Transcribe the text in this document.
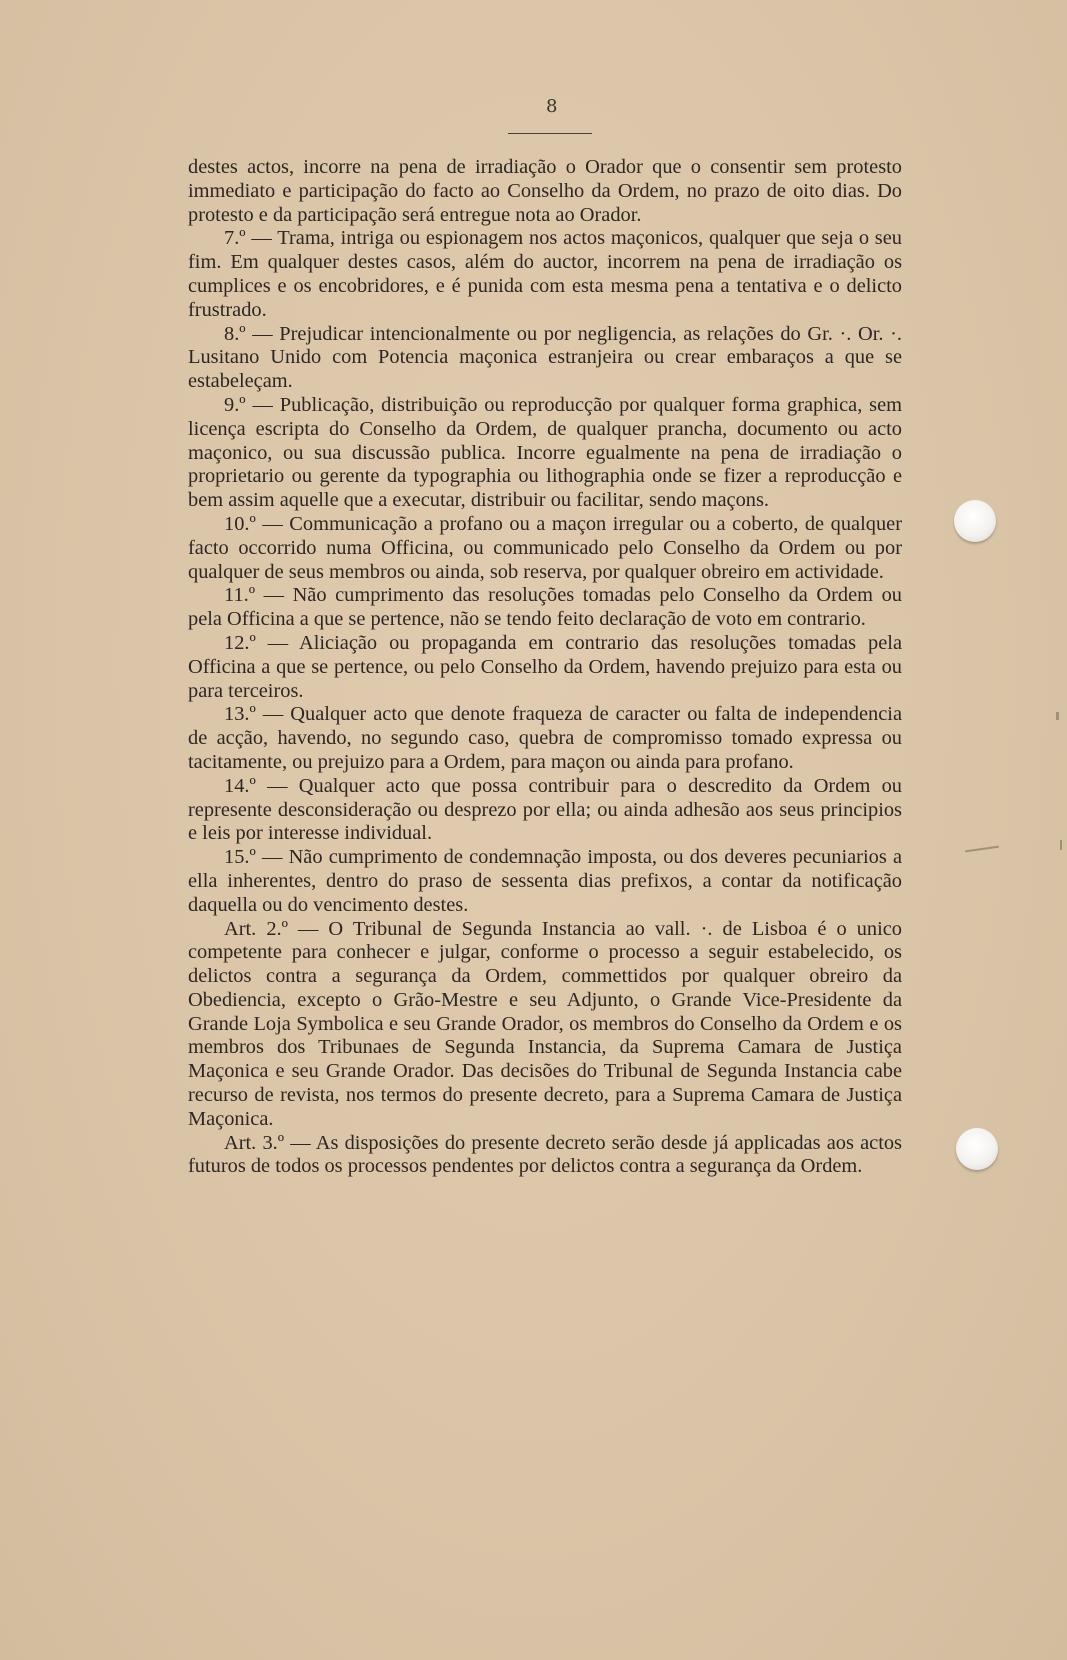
8

destes actos, incorre na pena de irradiação o Orador que o consentir sem protesto immediato e participação do facto ao Conselho da Ordem, no prazo de oito dias. Do protesto e da participação será entregue nota ao Orador.

7.º — Trama, intriga ou espionagem nos actos maçonicos, qualquer que seja o seu fim. Em qualquer destes casos, além do auctor, incorrem na pena de irradiação os cumplices e os encobridores, e é punida com esta mesma pena a tentativa e o delicto frustrado.

8.º — Prejudicar intencionalmente ou por negligencia, as relações do Gr. ·. Or. ·. Lusitano Unido com Potencia maçonica estranjeira ou crear embaraços a que se estabeleçam.

9.º — Publicação, distribuição ou reproducção por qualquer forma graphica, sem licença escripta do Conselho da Ordem, de qualquer prancha, documento ou acto maçonico, ou sua discussão publica. Incorre egualmente na pena de irradiação o proprietario ou gerente da typographia ou lithographia onde se fizer a reproducção e bem assim aquelle que a executar, distribuir ou facilitar, sendo maçons.

10.º — Communicação a profano ou a maçon irregular ou a coberto, de qualquer facto occorrido numa Officina, ou communicado pelo Conselho da Ordem ou por qualquer de seus membros ou ainda, sob reserva, por qualquer obreiro em actividade.

11.º — Não cumprimento das resoluções tomadas pelo Conselho da Ordem ou pela Officina a que se pertence, não se tendo feito declaração de voto em contrario.

12.º — Aliciação ou propaganda em contrario das resoluções tomadas pela Officina a que se pertence, ou pelo Conselho da Ordem, havendo prejuizo para esta ou para terceiros.

13.º — Qualquer acto que denote fraqueza de caracter ou falta de independencia de acção, havendo, no segundo caso, quebra de compromisso tomado expressa ou tacitamente, ou prejuizo para a Ordem, para maçon ou ainda para profano.

14.º — Qualquer acto que possa contribuir para o descredito da Ordem ou represente desconsideração ou desprezo por ella; ou ainda adhesão aos seus principios e leis por interesse individual.

15.º — Não cumprimento de condemnação imposta, ou dos deveres pecuniarios a ella inherentes, dentro do praso de sessenta dias prefixos, a contar da notificação daquella ou do vencimento destes.

Art. 2.º — O Tribunal de Segunda Instancia ao vall. ·. de Lisboa é o unico competente para conhecer e julgar, conforme o processo a seguir estabelecido, os delictos contra a segurança da Ordem, commettidos por qualquer obreiro da Obediencia, excepto o Grão-Mestre e seu Adjunto, o Grande Vice-Presidente da Grande Loja Symbolica e seu Grande Orador, os membros do Conselho da Ordem e os membros dos Tribunaes de Segunda Instancia, da Suprema Camara de Justiça Maçonica e seu Grande Orador. Das decisões do Tribunal de Segunda Instancia cabe recurso de revista, nos termos do presente decreto, para a Suprema Camara de Justiça Maçonica.

Art. 3.º — As disposições do presente decreto serão desde já applicadas aos actos futuros de todos os processos pendentes por delictos contra a segurança da Ordem.
